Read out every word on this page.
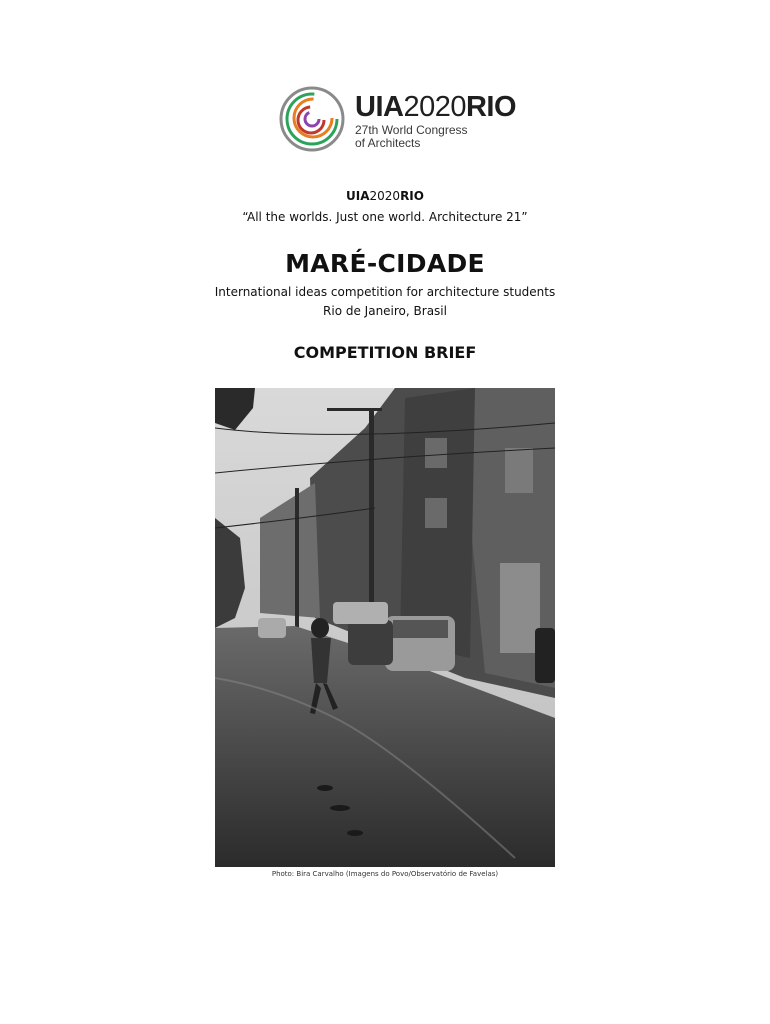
UIA2020RIO
27th World Congress
of Architects
UIA2020RIO
“All the worlds. Just one world. Architecture 21”
MARÉ-CIDADE
International ideas competition for architecture students
Rio de Janeiro, Brasil
COMPETITION BRIEF
Photo: Bira Carvalho (Imagens do Povo/Observatório de Favelas)
